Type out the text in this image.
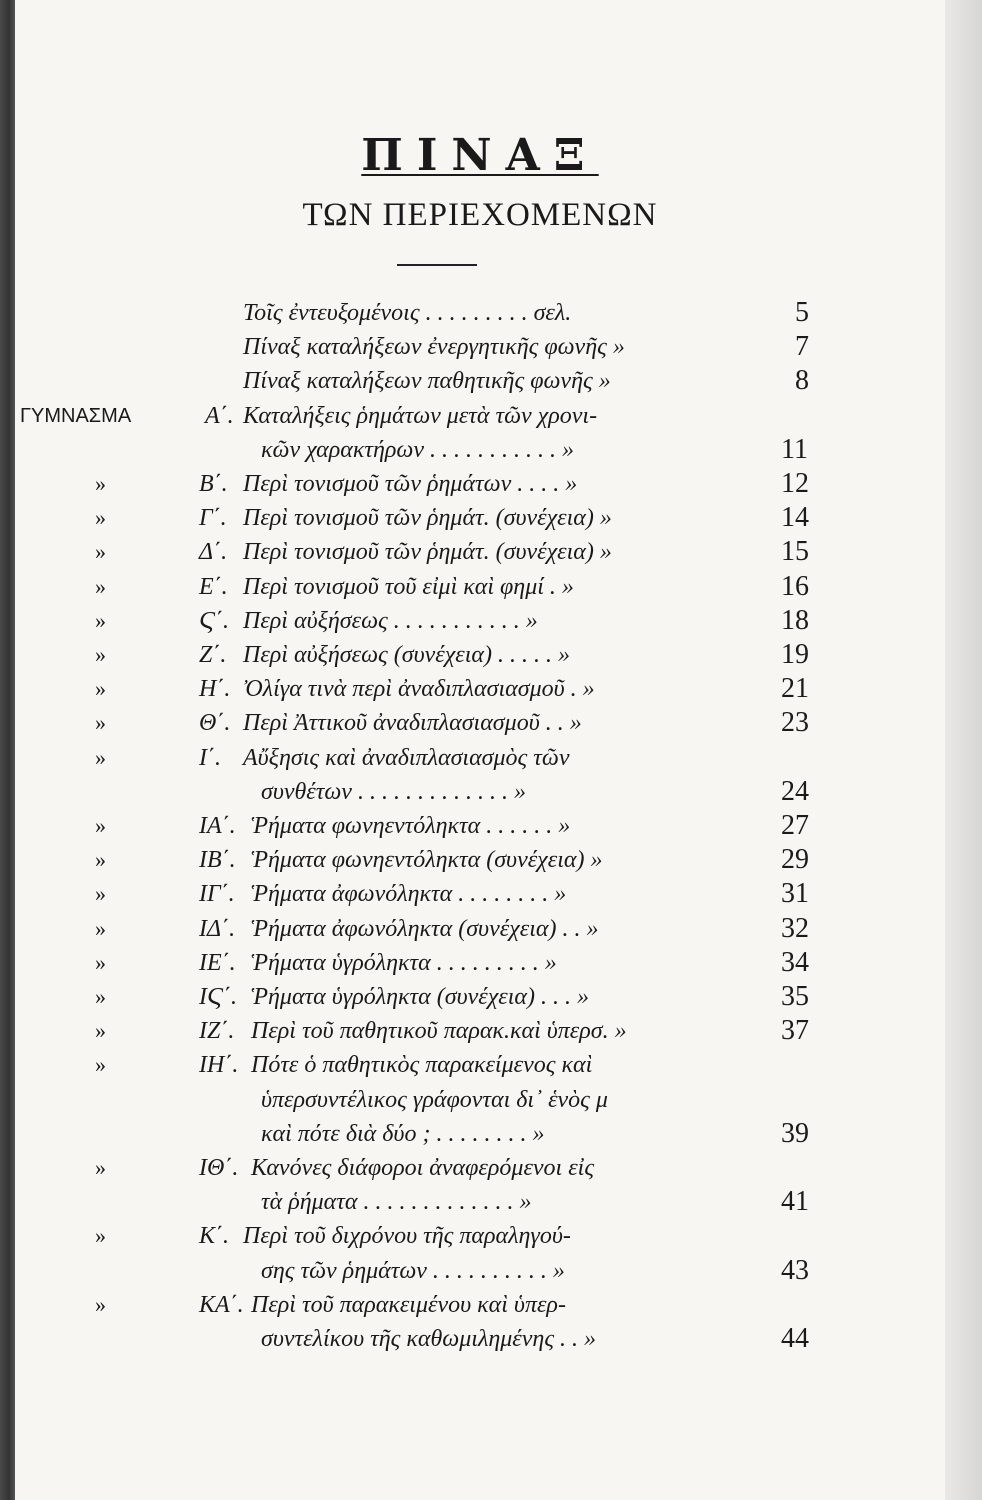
ΠΙΝΑΞ
ΤΩΝ ΠΕΡΙΕΧΟΜΕΝΩΝ
Τοῖς ἐντευξομένοις . . . . . . . . . σελ.	5
Πίναξ καταλήξεων ἐνεργητικῆς φωνῆς »	7
Πίναξ καταλήξεων παθητικῆς φωνῆς »	8
ΓΥΜΝΑΣΜΑ	Α΄. Καταλήξεις ῥημάτων μετὰ τῶν χρονι-
κῶν χαρακτήρων . . . . . . . . . . . »	11
»	Β΄. Περὶ τονισμοῦ τῶν ῥημάτων . . . . »	12
»	Γ΄. Περὶ τονισμοῦ τῶν ῥημάτ. (συνέχεια) »	14
»	Δ΄. Περὶ τονισμοῦ τῶν ῥημάτ. (συνέχεια) »	15
»	Ε΄. Περὶ τονισμοῦ τοῦ εἰμὶ καὶ φημί . »	16
»	Ϛ΄. Περὶ αὐξήσεως . . . . . . . . . . . »	18
»	Ζ΄. Περὶ αὐξήσεως (συνέχεια) . . . . . »	19
»	Η΄. Ὀλίγα τινὰ περὶ ἀναδιπλασιασμοῦ . »	21
»	Θ΄. Περὶ Ἀττικοῦ ἀναδιπλασιασμοῦ . . »	23
»	Ι΄. Αὔξησις καὶ ἀναδιπλασιασμὸς τῶν
συνθέτων . . . . . . . . . . . . . »	24
»	ΙΑ΄. Ῥήματα φωνηεντόληκτα . . . . . . »	27
»	ΙΒ΄. Ῥήματα φωνηεντόληκτα (συνέχεια) »	29
»	ΙΓ΄. Ῥήματα ἀφωνόληκτα . . . . . . . . »	31
»	ΙΔ΄. Ῥήματα ἀφωνόληκτα (συνέχεια) . . »	32
»	ΙΕ΄. Ῥήματα ὑγρόληκτα . . . . . . . . . »	34
»	ΙϚ΄. Ῥήματα ὑγρόληκτα (συνέχεια) . . . »	35
»	ΙΖ΄. Περὶ τοῦ παθητικοῦ παρακ.καὶ ὑπερσ. »	37
»	ΙΗ΄. Πότε ὁ παθητικὸς παρακείμενος καὶ
ὑπερσυντέλικος γράφονται δι᾽ ἑνὸς μ
καὶ πότε διὰ δύο ; . . . . . . . . »	39
»	ΙΘ΄. Κανόνες διάφοροι ἀναφερόμενοι εἰς
τὰ ῥήματα . . . . . . . . . . . . . »	41
»	Κ΄. Περὶ τοῦ διχρόνου τῆς παραληγού-
σης τῶν ῥημάτων . . . . . . . . . . »	43
»	ΚΑ΄. Περὶ τοῦ παρακειμένου καὶ ὑπερ-
συντελίκου τῆς καθωμιλημένης . . »	44
